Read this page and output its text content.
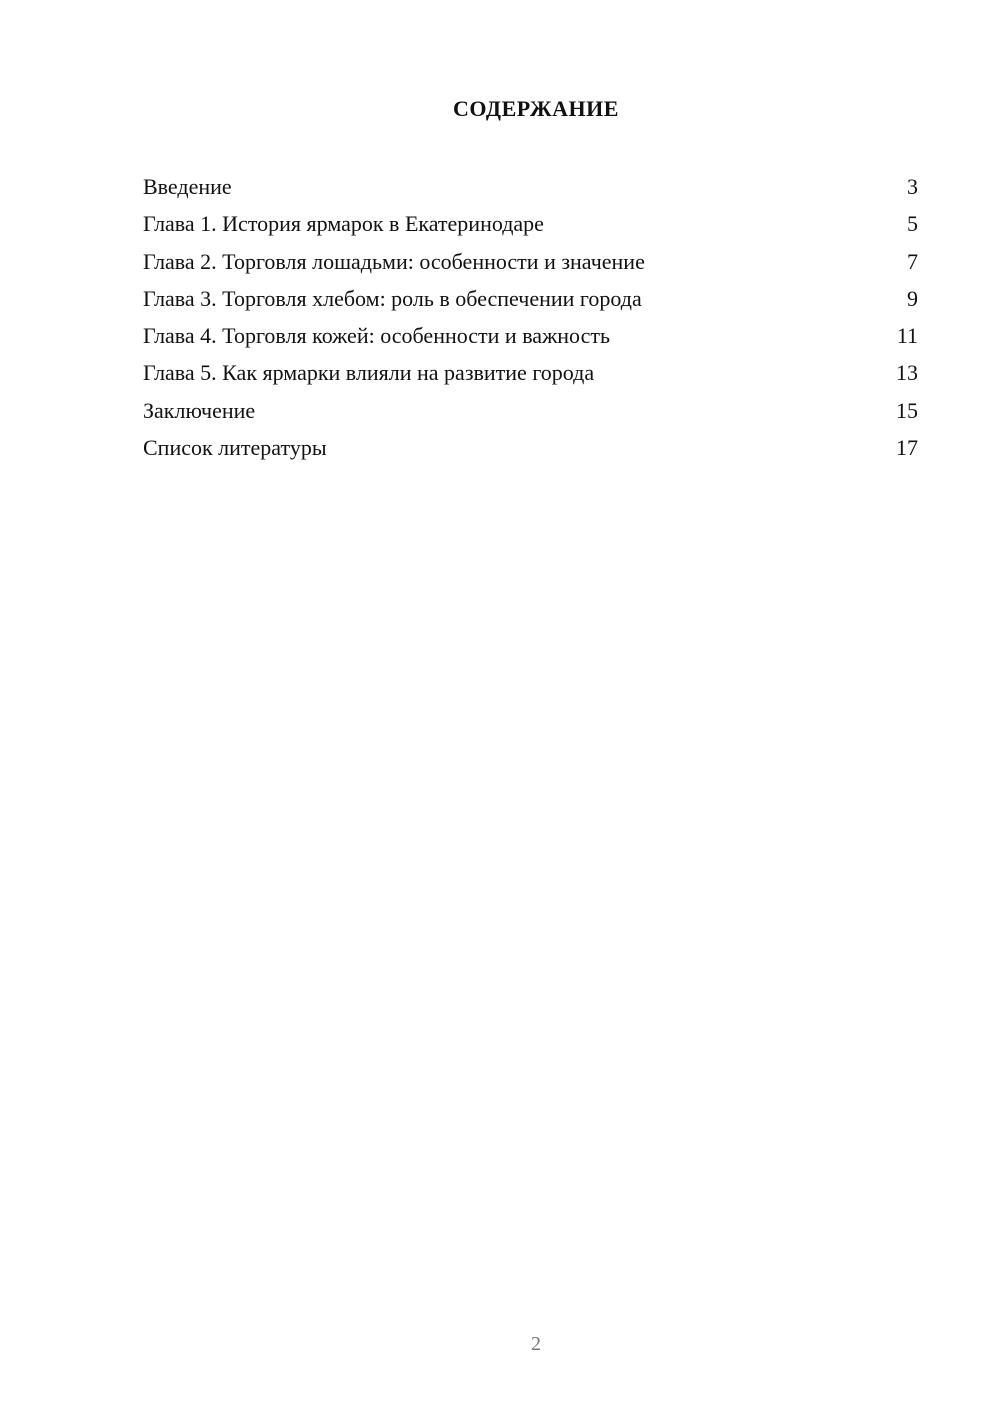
СОДЕРЖАНИЕ
Введение	3
Глава 1. История ярмарок в Екатеринодаре	5
Глава 2. Торговля лошадьми: особенности и значение	7
Глава 3. Торговля хлебом: роль в обеспечении города	9
Глава 4. Торговля кожей: особенности и важность	11
Глава 5. Как ярмарки влияли на развитие города	13
Заключение	15
Список литературы	17
2
